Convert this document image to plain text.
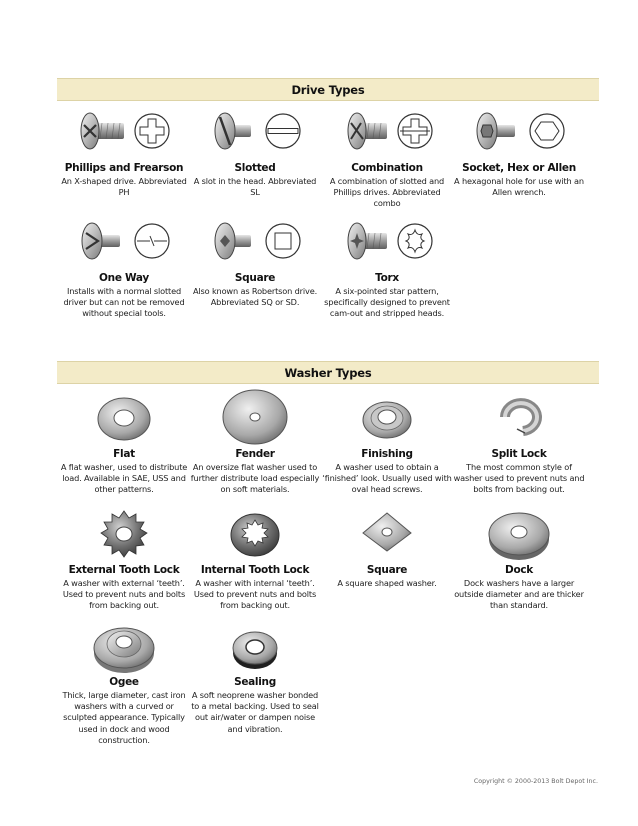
Drive Types
Washer Types
Phillips and Frearson
An X-shaped drive. Abbreviated PH
Slotted
A slot in the head. Abbreviated SL
Combination
A combination of slotted and Phillips drives. Abbreviated combo
Socket, Hex or Allen
A hexagonal hole for use with an Allen wrench.
One Way
Installs with a normal slotted driver but can not be removed without special tools.
Square
Also known as Robertson drive. Abbreviated SQ or SD.
Torx
A six-pointed star pattern, specifically designed to prevent cam-out and stripped heads.
Flat
A flat washer, used to distribute load. Available in SAE, USS and other patterns.
Fender
An oversize flat washer used to further distribute load especially on soft materials.
Finishing
A washer used to obtain a ‘finished’ look. Usually used with oval head screws.
Split Lock
The most common style of washer used to prevent nuts and bolts from backing out.
External Tooth Lock
A washer with external ‘teeth’. Used to prevent nuts and bolts from backing out.
Internal Tooth Lock
A washer with internal ‘teeth’. Used to prevent nuts and bolts from backing out.
Square
A square shaped washer.
Dock
Dock washers have a larger outside diameter and are thicker than standard.
Ogee
Thick, large diameter, cast iron washers with a curved or sculpted appearance. Typically used in dock and wood construction.
Sealing
A soft neoprene washer bonded to a metal backing. Used to seal out air/water or dampen noise and vibration.
Copyright © 2000-2013 Bolt Depot Inc.
